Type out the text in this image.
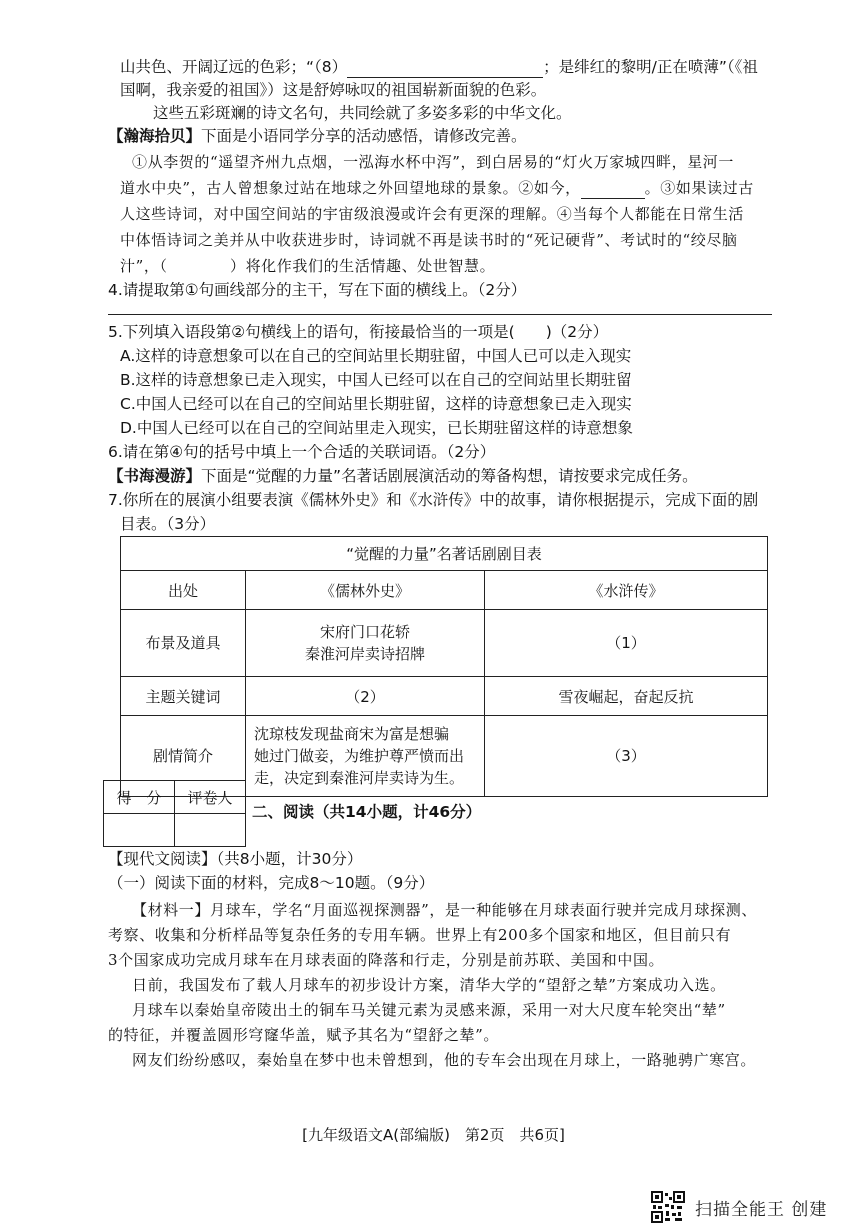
山共色、开阔辽远的色彩；“（8）	；是绯红的黎明/正在喷薄”（《祖
国啊，我亲爱的祖国》）这是舒婷咏叹的祖国崭新面貌的色彩。
这些五彩斑斓的诗文名句，共同绘就了多姿多彩的中华文化。
【瀚海拾贝】下面是小语同学分享的活动感悟，请修改完善。
①从李贺的“遥望齐州九点烟，一泓海水杯中泻”，到白居易的“灯火万家城四畔，星河一
道水中央”，古人曾想象过站在地球之外回望地球的景象。②如今，	。③如果读过古
人这些诗词，对中国空间站的宇宙级浪漫或许会有更深的理解。④当每个人都能在日常生活
中体悟诗词之美并从中收获进步时，诗词就不再是读书时的“死记硬背”、考试时的“绞尽脑
汁”，（　　　　）将化作我们的生活情趣、处世智慧。
4.请提取第①句画线部分的主干，写在下面的横线上。（2分）
5.下列填入语段第②句横线上的语句，衔接最恰当的一项是(　　)（2分）
A.这样的诗意想象可以在自己的空间站里长期驻留，中国人已可以走入现实
B.这样的诗意想象已走入现实，中国人已经可以在自己的空间站里长期驻留
C.中国人已经可以在自己的空间站里长期驻留，这样的诗意想象已走入现实
D.中国人已经可以在自己的空间站里走入现实，已长期驻留这样的诗意想象
6.请在第④句的括号中填上一个合适的关联词语。（2分）
【书海漫游】下面是“觉醒的力量”名著话剧展演活动的筹备构想，请按要求完成任务。
7.你所在的展演小组要表演《儒林外史》和《水浒传》中的故事，请你根据提示，完成下面的剧
目表。（3分）
“觉醒的力量”名著话剧剧目表		
出处	《儒林外史》	《水浒传》
布景及道具	宋府门口花轿
秦淮河岸卖诗招牌	（1）
主题关键词	（2）	雪夜崛起，奋起反抗
剧情简介	沈琼枝发现盐商宋为富是想骗
她过门做妾，为维护尊严愤而出
走，决定到秦淮河岸卖诗为生。	（3）
得　分	评卷人

二、阅读（共14小题，计46分）
【现代文阅读】（共8小题，计30分）
（一）阅读下面的材料，完成8～10题。（9分）
【材料一】月球车，学名“月面巡视探测器”，是一种能够在月球表面行驶并完成月球探测、
考察、收集和分析样品等复杂任务的专用车辆。世界上有200多个国家和地区，但目前只有
3个国家成功完成月球车在月球表面的降落和行走，分别是前苏联、美国和中国。
日前，我国发布了载人月球车的初步设计方案，清华大学的“望舒之辇”方案成功入选。
月球车以秦始皇帝陵出土的铜车马关键元素为灵感来源，采用一对大尺度车轮突出“辇”
的特征，并覆盖圆形穹窿华盖，赋予其名为“望舒之辇”。
网友们纷纷感叹，秦始皇在梦中也未曾想到，他的专车会出现在月球上，一路驰骋广寒宫。
[九年级语文A(部编版)　第2页　共6页]
扫描全能王 创建
